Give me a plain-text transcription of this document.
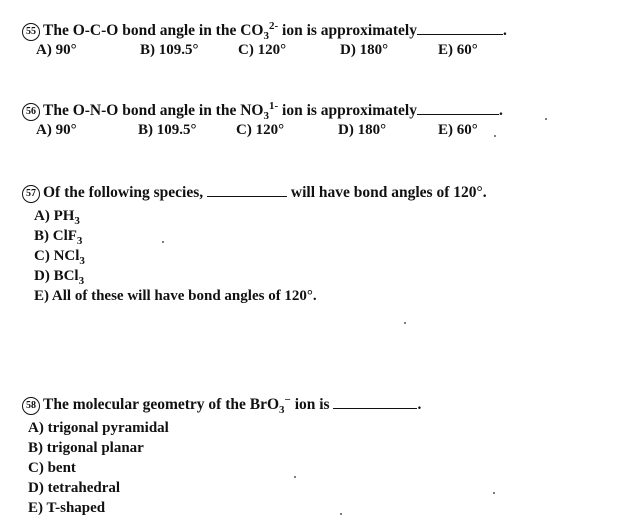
55 The O-C-O bond angle in the $CO_3^{2-}$ ion is approximately	.
A) 90°	B) 109.5°	C) 120°	D) 180°	E) 60°
56 The O-N-O bond angle in the $NO_3^{1-}$ ion is approximately	.
A) 90°	B) 109.5°	C) 120°	D) 180°	E) 60°
57 Of the following species,	will have bond angles of 120°.
A) $PH_3$
B) ClF$_3$
C) NCl$_3$
D) BCl$_3$
E) All of these will have bond angles of 120°.
58 The molecular geometry of the BrO$_3$− ion is	.
A) trigonal pyramidal
B) trigonal planar
C) bent
D) tetrahedral
E) T-shaped
